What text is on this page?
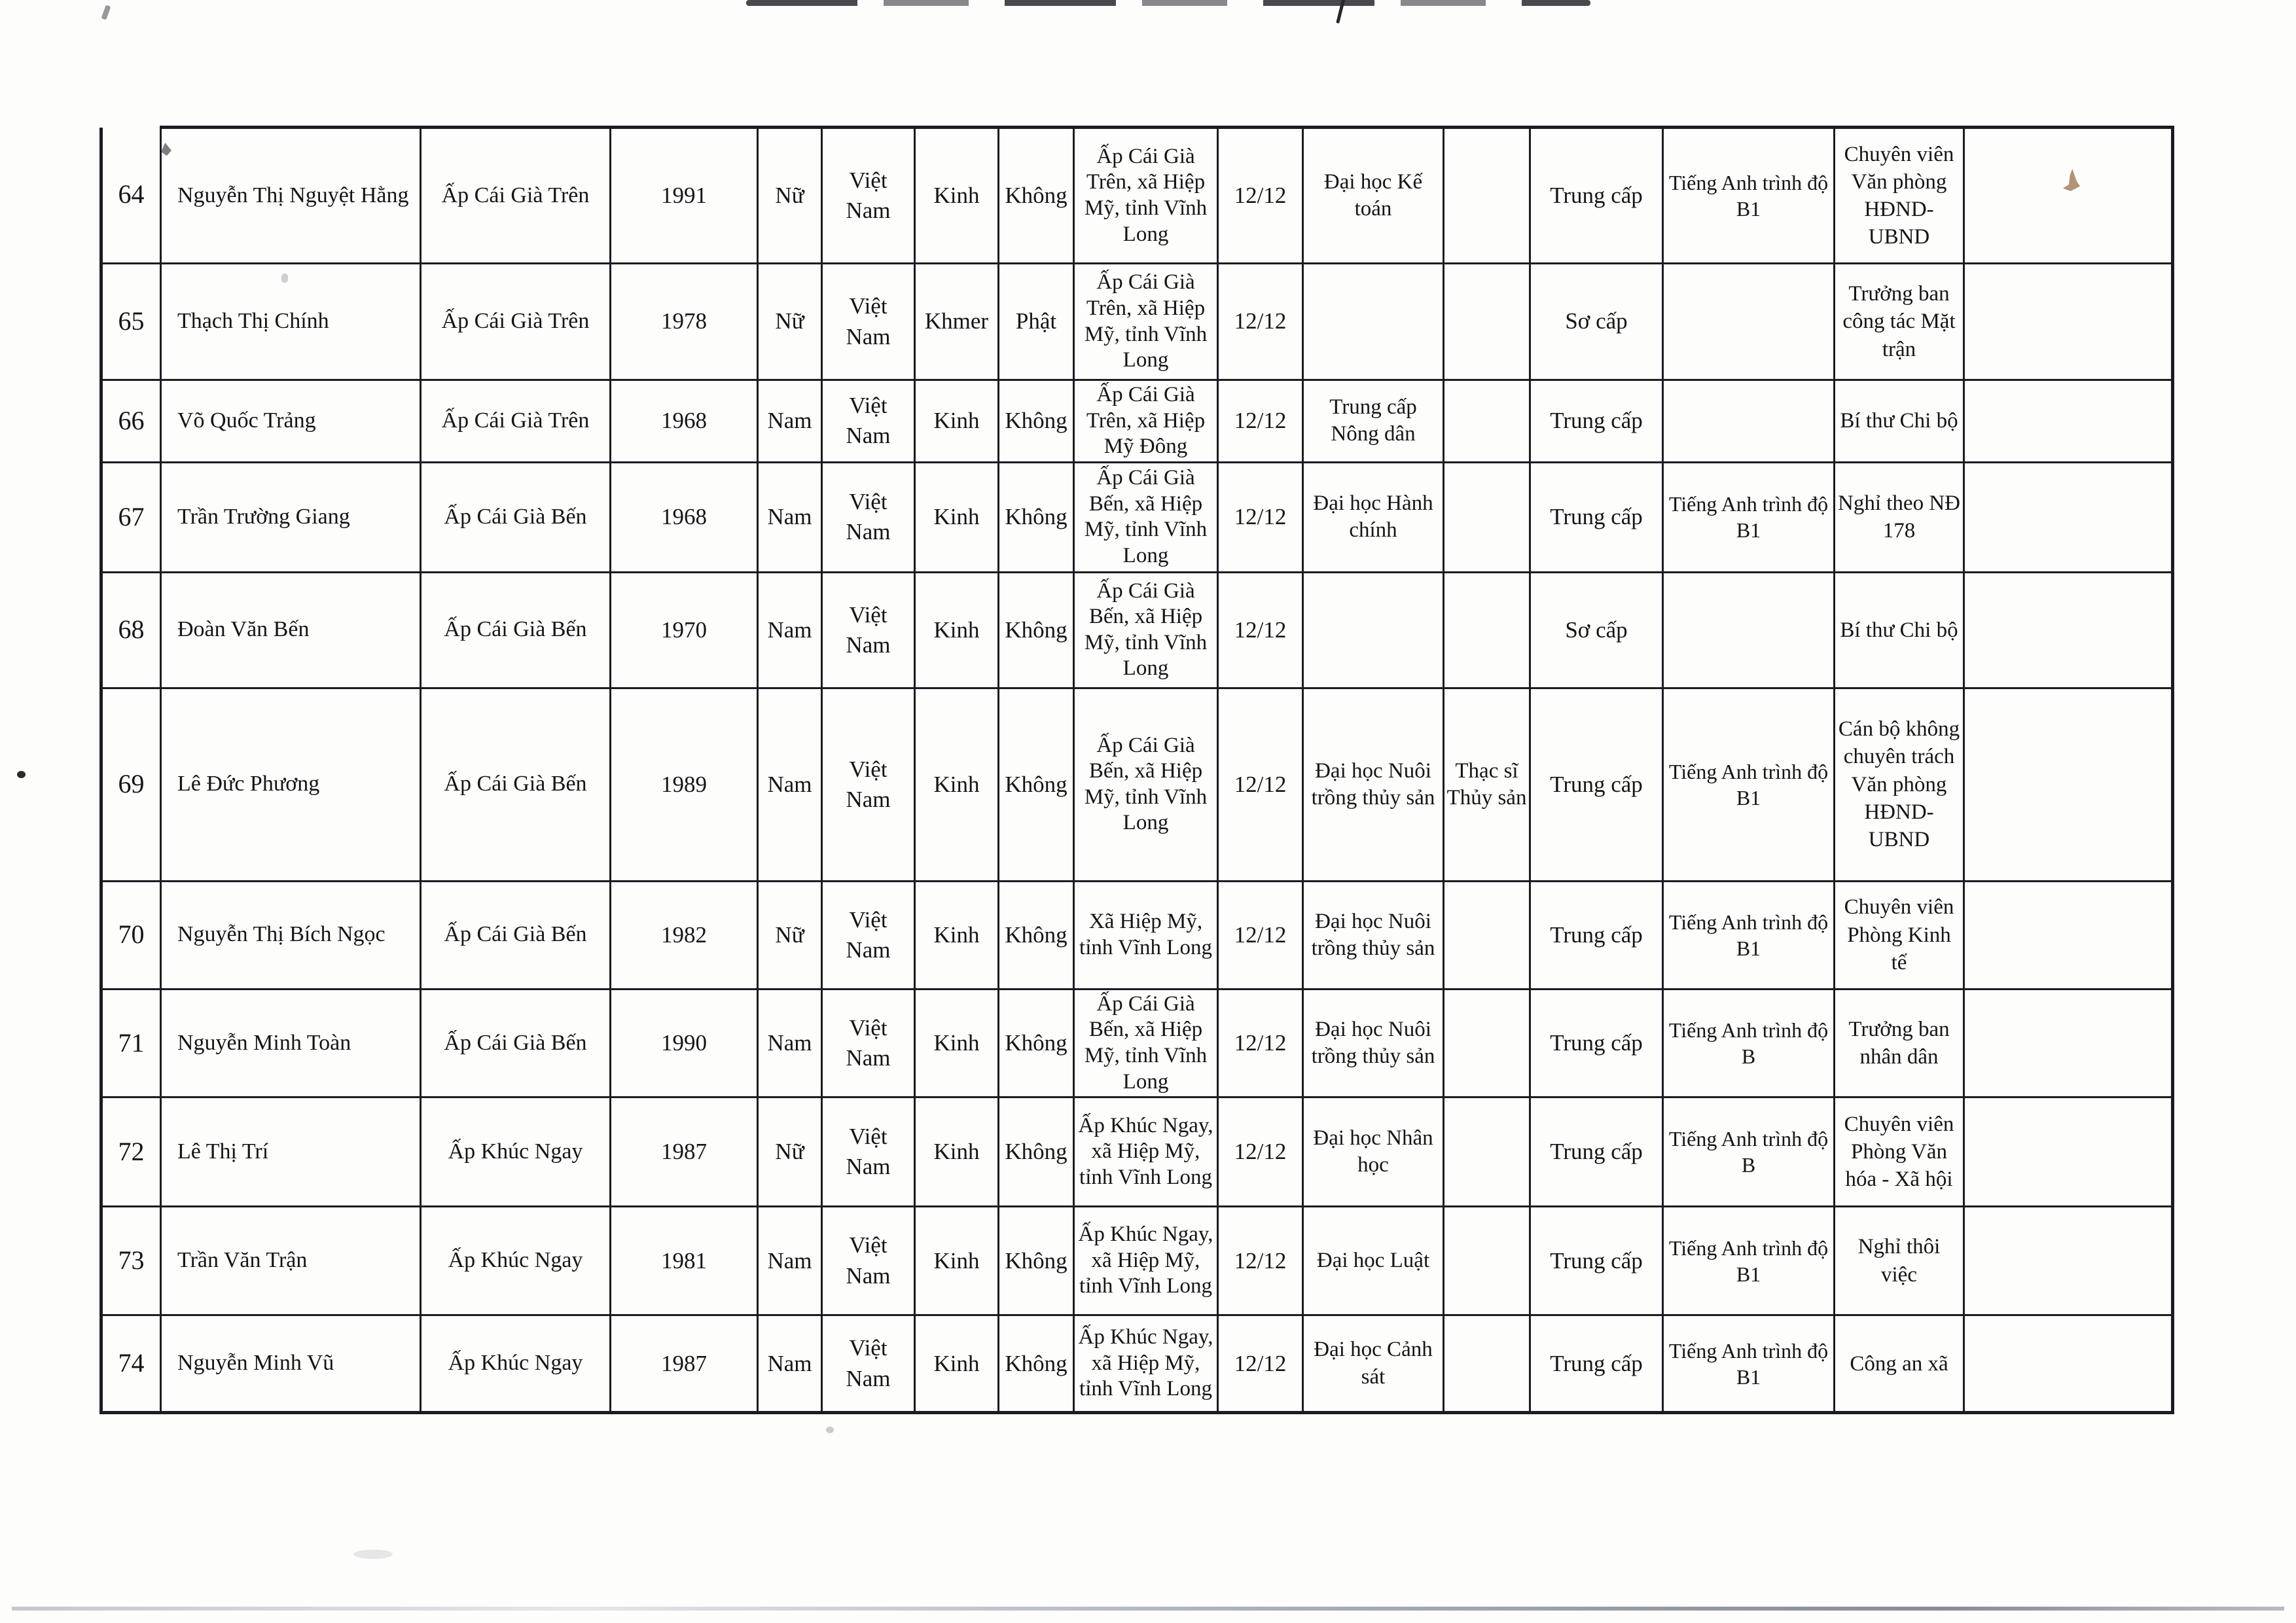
64	Nguyễn Thị Nguyệt Hằng	Ấp Cái Già Trên	1991	Nữ	Việt Nam	Kinh	Không	Ấp Cái Già Trên, xã Hiệp Mỹ, tỉnh Vĩnh Long	12/12	Đại học Kế toán		Trung cấp	Tiếng Anh trình độ B1	Chuyên viên Văn phòng HĐND-UBND	
65	Thạch Thị Chính	Ấp Cái Già Trên	1978	Nữ	Việt Nam	Khmer	Phật	Ấp Cái Già Trên, xã Hiệp Mỹ, tỉnh Vĩnh Long	12/12			Sơ cấp		Trưởng ban công tác Mặt trận	
66	Võ Quốc Trảng	Ấp Cái Già Trên	1968	Nam	Việt Nam	Kinh	Không	Ấp Cái Già Trên, xã Hiệp Mỹ Đông	12/12	Trung cấp Nông dân		Trung cấp		Bí thư Chi bộ	
67	Trần Trường Giang	Ấp Cái Già Bến	1968	Nam	Việt Nam	Kinh	Không	Ấp Cái Già Bến, xã Hiệp Mỹ, tỉnh Vĩnh Long	12/12	Đại học Hành chính		Trung cấp	Tiếng Anh trình độ B1	Nghỉ theo NĐ 178	
68	Đoàn Văn Bến	Ấp Cái Già Bến	1970	Nam	Việt Nam	Kinh	Không	Ấp Cái Già Bến, xã Hiệp Mỹ, tỉnh Vĩnh Long	12/12			Sơ cấp		Bí thư Chi bộ	
69	Lê Đức Phương	Ấp Cái Già Bến	1989	Nam	Việt Nam	Kinh	Không	Ấp Cái Già Bến, xã Hiệp Mỹ, tỉnh Vĩnh Long	12/12	Đại học Nuôi trồng thủy sản	Thạc sĩ Thủy sản	Trung cấp	Tiếng Anh trình độ B1	Cán bộ không chuyên trách Văn phòng HĐND-UBND	
70	Nguyễn Thị Bích Ngọc	Ấp Cái Già Bến	1982	Nữ	Việt Nam	Kinh	Không	Xã Hiệp Mỹ, tỉnh Vĩnh Long	12/12	Đại học Nuôi trồng thủy sản		Trung cấp	Tiếng Anh trình độ B1	Chuyên viên Phòng Kinh tế	
71	Nguyễn Minh Toàn	Ấp Cái Già Bến	1990	Nam	Việt Nam	Kinh	Không	Ấp Cái Già Bến, xã Hiệp Mỹ, tỉnh Vĩnh Long	12/12	Đại học Nuôi trồng thủy sản		Trung cấp	Tiếng Anh trình độ B	Trưởng ban nhân dân	
72	Lê Thị Trí	Ấp Khúc Ngay	1987	Nữ	Việt Nam	Kinh	Không	Ấp Khúc Ngay, xã Hiệp Mỹ, tỉnh Vĩnh Long	12/12	Đại học Nhân học		Trung cấp	Tiếng Anh trình độ B	Chuyên viên Phòng Văn hóa - Xã hội	
73	Trần Văn Trận	Ấp Khúc Ngay	1981	Nam	Việt Nam	Kinh	Không	Ấp Khúc Ngay, xã Hiệp Mỹ, tỉnh Vĩnh Long	12/12	Đại học Luật		Trung cấp	Tiếng Anh trình độ B1	Nghỉ thôi việc	
74	Nguyễn Minh Vũ	Ấp Khúc Ngay	1987	Nam	Việt Nam	Kinh	Không	Ấp Khúc Ngay, xã Hiệp Mỹ, tỉnh Vĩnh Long	12/12	Đại học Cảnh sát		Trung cấp	Tiếng Anh trình độ B1	Công an xã	
